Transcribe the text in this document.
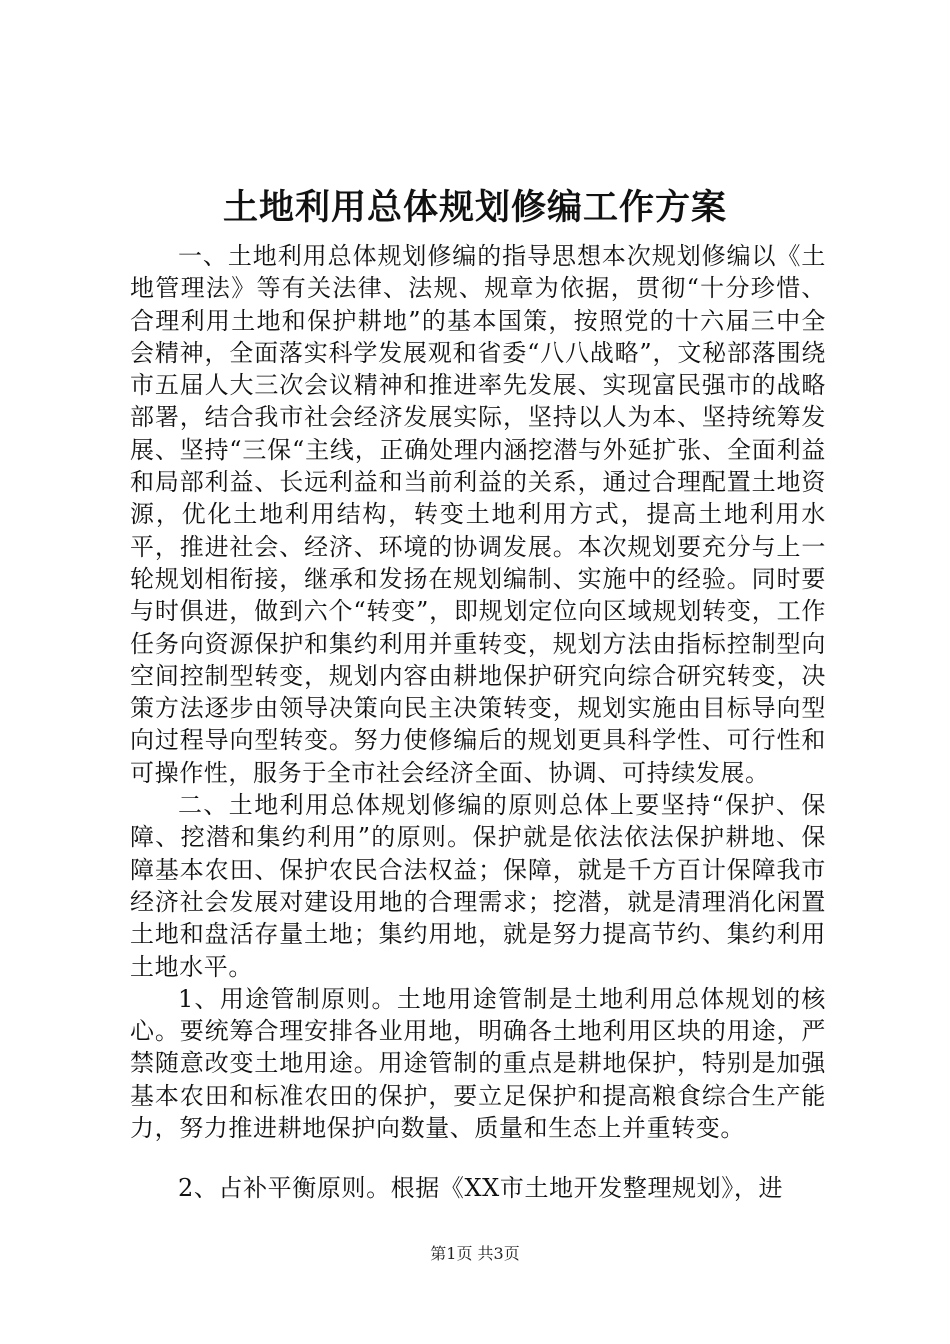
土地利用总体规划修编工作方案

一、土地利用总体规划修编的指导思想本次规划修编以《土地管理法》等有关法律、法规、规章为依据，贯彻“十分珍惜、合理利用土地和保护耕地”的基本国策，按照党的十六届三中全会精神，全面落实科学发展观和省委“八八战略”，文秘部落围绕市五届人大三次会议精神和推进率先发展、实现富民强市的战略部署，结合我市社会经济发展实际，坚持以人为本、坚持统筹发展、坚持“三保“主线，正确处理内涵挖潜与外延扩张、全面利益和局部利益、长远利益和当前利益的关系，通过合理配置土地资源，优化土地利用结构，转变土地利用方式，提高土地利用水平，推进社会、经济、环境的协调发展。本次规划要充分与上一轮规划相衔接，继承和发扬在规划编制、实施中的经验。同时要与时俱进，做到六个“转变”，即规划定位向区域规划转变，工作任务向资源保护和集约利用并重转变，规划方法由指标控制型向空间控制型转变，规划内容由耕地保护研究向综合研究转变，决策方法逐步由领导决策向民主决策转变，规划实施由目标导向型向过程导向型转变。努力使修编后的规划更具科学性、可行性和可操作性，服务于全市社会经济全面、协调、可持续发展。

二、土地利用总体规划修编的原则总体上要坚持“保护、保障、挖潜和集约利用”的原则。保护就是依法依法保护耕地、保障基本农田、保护农民合法权益；保障，就是千方百计保障我市经济社会发展对建设用地的合理需求；挖潜，就是清理消化闲置土地和盘活存量土地；集约用地，就是努力提高节约、集约利用土地水平。

1、用途管制原则。土地用途管制是土地利用总体规划的核心。要统筹合理安排各业用地，明确各土地利用区块的用途，严禁随意改变土地用途。用途管制的重点是耕地保护，特别是加强基本农田和标准农田的保护，要立足保护和提高粮食综合生产能力，努力推进耕地保护向数量、质量和生态上并重转变。

2、占补平衡原则。根据《XX市土地开发整理规划》，进

第1页 共3页
